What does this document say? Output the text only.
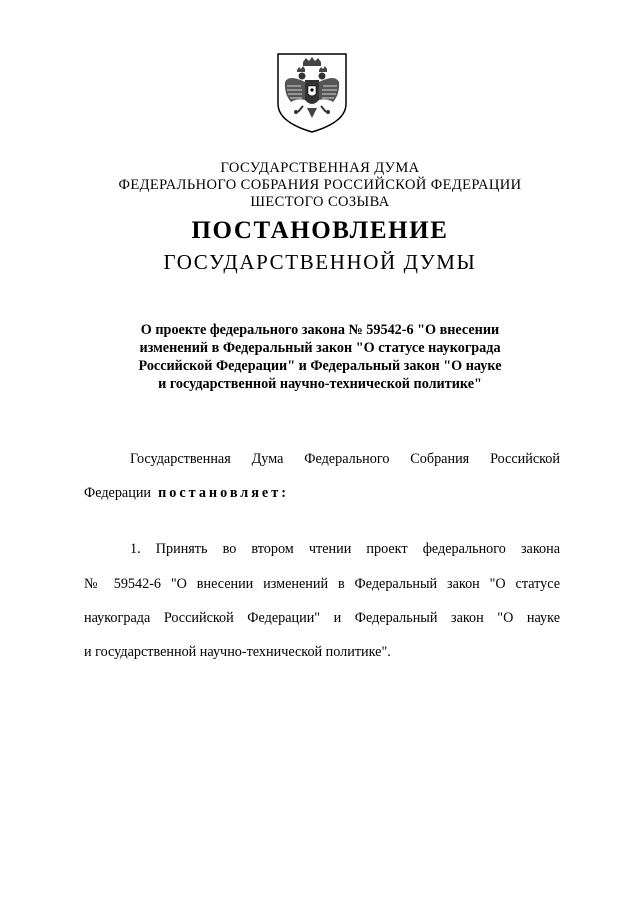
ГОСУДАРСТВЕННАЯ ДУМА
ФЕДЕРАЛЬНОГО СОБРАНИЯ РОССИЙСКОЙ ФЕДЕРАЦИИ
ШЕСТОГО СОЗЫВА
ПОСТАНОВЛЕНИЕ
ГОСУДАРСТВЕННОЙ ДУМЫ
О проекте федерального закона № 59542-6 "О внесении
изменений в Федеральный закон "О статусе наукограда
Российской Федерации" и Федеральный закон "О науке
и государственной научно-технической политике"
Государственная Дума Федерального Собрания Российской
Федерации постановляет:
1. Принять во втором чтении проект федерального закона
№ 59542-6 "О внесении изменений в Федеральный закон "О статусе
наукограда Российской Федерации" и Федеральный закон "О науке
и государственной научно-технической политике".
